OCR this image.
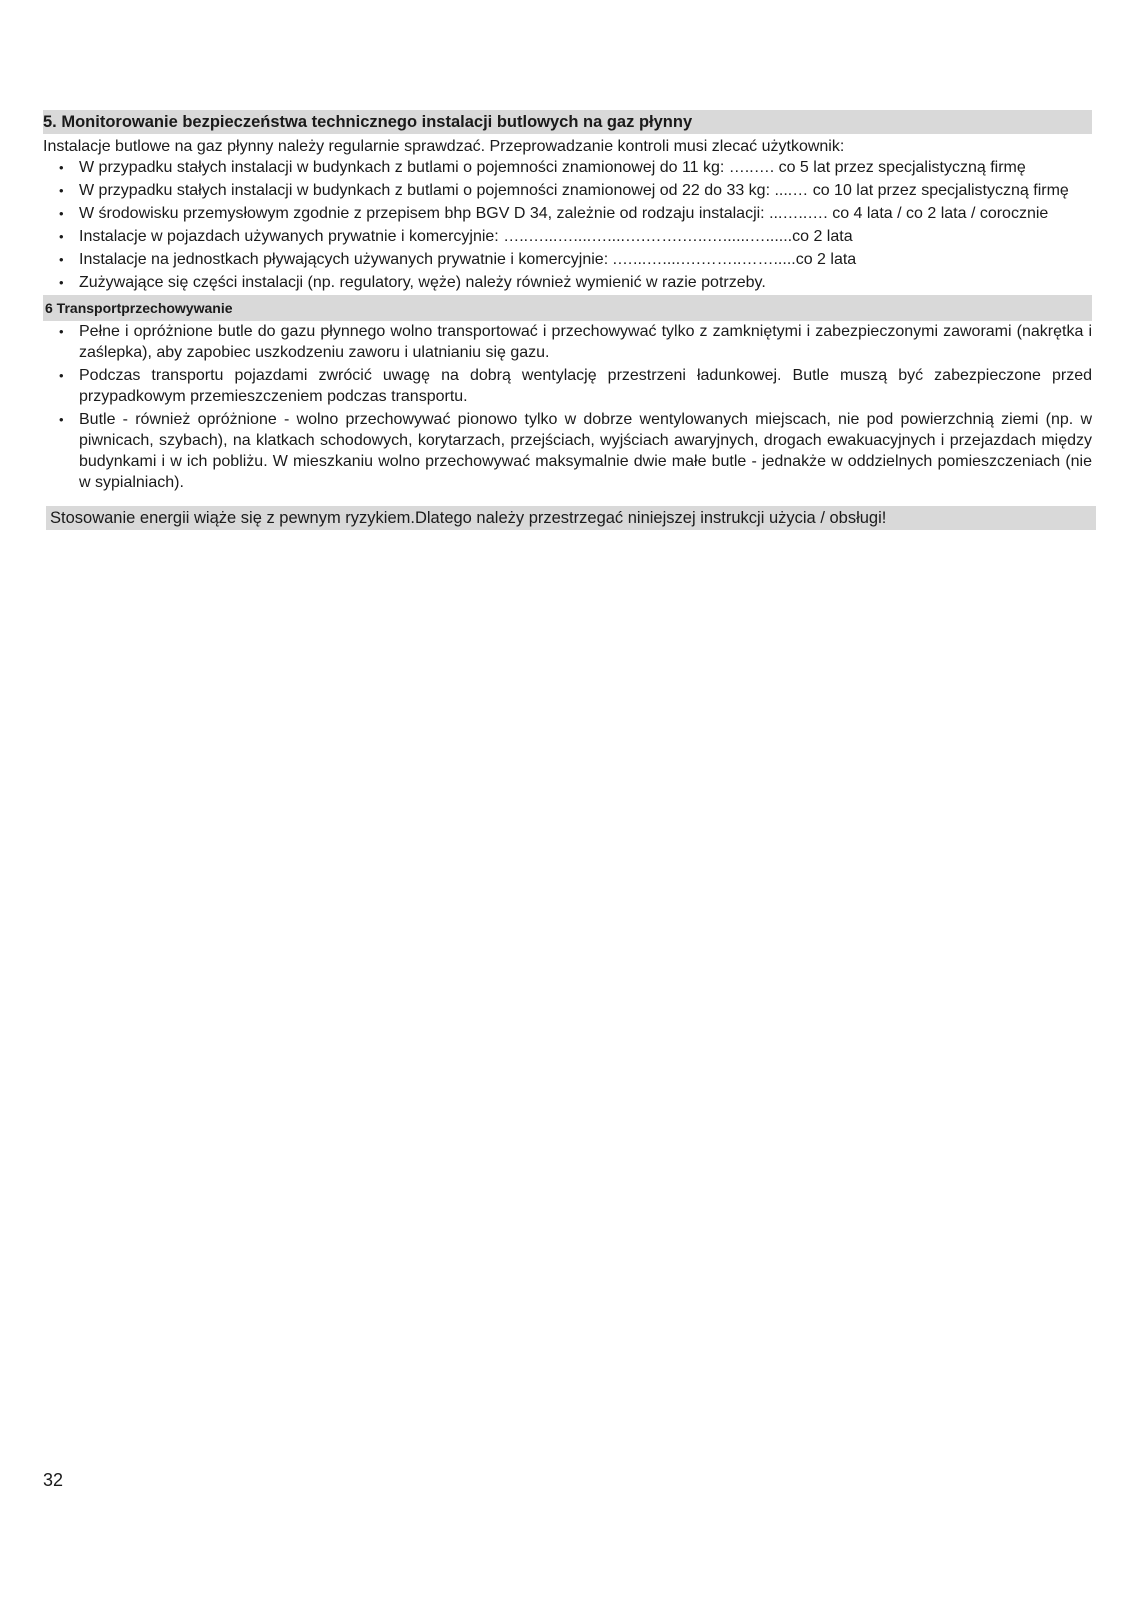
5. Monitorowanie bezpieczeństwa technicznego instalacji butlowych na gaz płynny
Instalacje butlowe na gaz płynny należy regularnie sprawdzać. Przeprowadzanie kontroli musi zlecać użytkownik:
• W przypadku stałych instalacji w budynkach z butlami o pojemności znamionowej do 11 kg: …..…. co 5 lat przez specjalistyczną firmę
• W przypadku stałych instalacji w budynkach z butlami o pojemności znamionowej od 22 do 33 kg: ....… co 10 lat przez specjalistyczną firmę
• W środowisku przemysłowym zgodnie z przepisem bhp BGV D 34, zależnie od rodzaju instalacji: ...…..…. co 4 lata / co 2 lata / corocznie
• Instalacje w pojazdach używanych prywatnie i komercyjnie: …..…...…....…....….…….…..…......…......co 2 lata
• Instalacje na jednostkach pływających używanych prywatnie i komercyjnie: .…...…....….……..…….....co 2 lata
• Zużywające się części instalacji (np. regulatory, węże) należy również wymienić w razie potrzeby.
6 Transportprzechowywanie
• Pełne i opróżnione butle do gazu płynnego wolno transportować i przechowywać tylko z zamkniętymi i zabezpieczonymi zaworami (nakrętka i zaślepka), aby zapobiec uszkodzeniu zaworu i ulatnianiu się gazu.
• Podczas transportu pojazdami zwrócić uwagę na dobrą wentylację przestrzeni ładunkowej. Butle muszą być zabezpieczone przed przypadkowym przemieszczeniem podczas transportu.
• Butle - również opróżnione - wolno przechowywać pionowo tylko w dobrze wentylowanych miejscach, nie pod powierzchnią ziemi (np. w piwnicach, szybach), na klatkach schodowych, korytarzach, przejściach, wyjściach awaryjnych, drogach ewakuacyjnych i przejazdach między budynkami i w ich pobliżu. W mieszkaniu wolno przechowywać maksymalnie dwie małe butle - jednakże w oddzielnych pomieszczeniach (nie w sypialniach).
Stosowanie energii wiąże się z pewnym ryzykiem.Dlatego należy przestrzegać niniejszej instrukcji użycia / obsługi!
32
